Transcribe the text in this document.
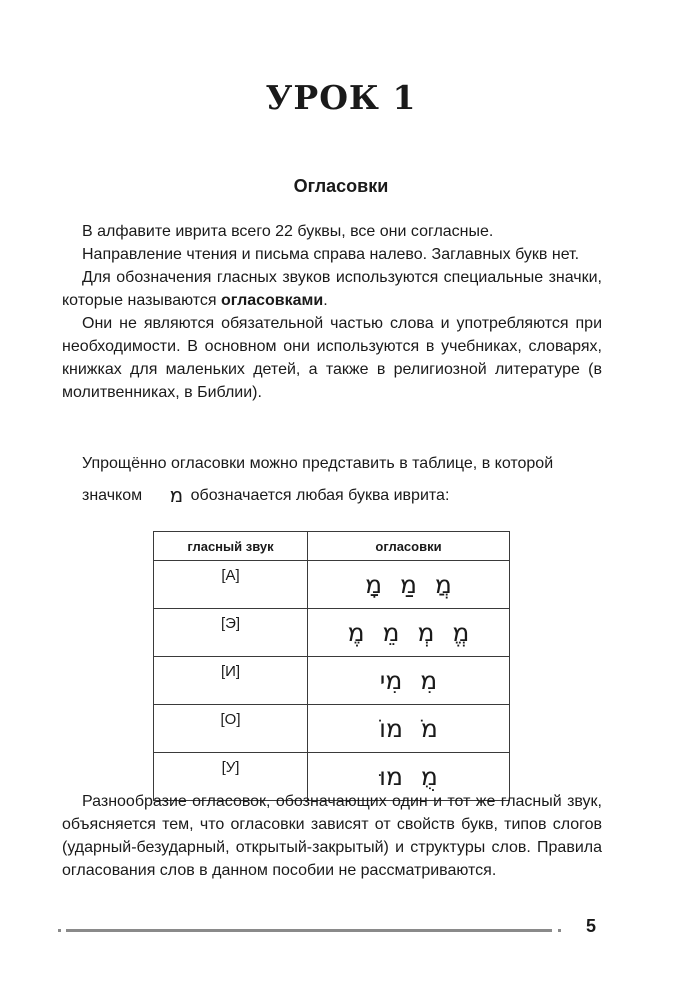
УРОК 1
Огласовки

В алфавите иврита всего 22 буквы, все они согласные.

Направление чтения и письма справа налево. Заглавных букв нет.

Для обозначения гласных звуков используются специальные значки, которые называются огласовками.

Они не являются обязательной частью слова и употребляются при необходимости. В основном они используются в учебниках, словарях, книжках для маленьких детей, а также в религиозной литературе (в молитвенниках, в Библии).

Упрощённо огласовки можно представить в таблице, в которой

значком מ обозначается любая буква иврита:

гласный звук	огласовки
[А]	מֲ מַ מָ
[Э]	מֱ מְ מֵ מֶ
[И]	מִ מִי
[О]	מֹ מוֹ
[У]	מֻ מוּ

Разнообразие огласовок, обозначающих один и тот же гласный звук, объясняется тем, что огласовки зависят от свойств букв, типов слогов (ударный-безударный, открытый-закрытый) и структуры слов. Правила огласования слов в данном пособии не рассматриваются.

5
